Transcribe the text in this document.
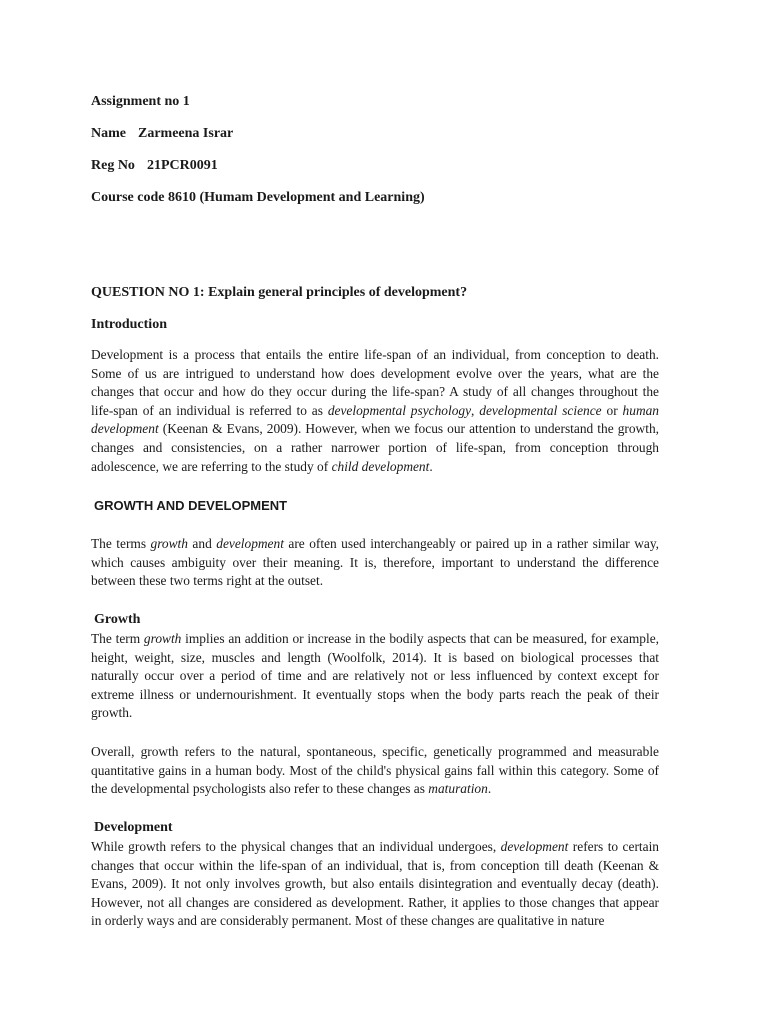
Assignment no 1
Name Zarmeena Israr
Reg No 21PCR0091
Course code 8610 (Humam Development and Learning)
QUESTION NO 1: Explain general principles of development?
Introduction
Development is a process that entails the entire life-span of an individual, from conception to death. Some of us are intrigued to understand how does development evolve over the years, what are the changes that occur and how do they occur during the life-span? A study of all changes throughout the life-span of an individual is referred to as developmental psychology, developmental science or human development (Keenan & Evans, 2009). However, when we focus our attention to understand the growth, changes and consistencies, on a rather narrower portion of life-span, from conception through adolescence, we are referring to the study of child development.
GROWTH AND DEVELOPMENT
The terms growth and development are often used interchangeably or paired up in a rather similar way, which causes ambiguity over their meaning. It is, therefore, important to understand the difference between these two terms right at the outset.
Growth
The term growth implies an addition or increase in the bodily aspects that can be measured, for example, height, weight, size, muscles and length (Woolfolk, 2014). It is based on biological processes that naturally occur over a period of time and are relatively not or less influenced by context except for extreme illness or undernourishment. It eventually stops when the body parts reach the peak of their growth.
Overall, growth refers to the natural, spontaneous, specific, genetically programmed and measurable quantitative gains in a human body. Most of the child's physical gains fall within this category. Some of the developmental psychologists also refer to these changes as maturation.
Development
While growth refers to the physical changes that an individual undergoes, development refers to certain changes that occur within the life-span of an individual, that is, from conception till death (Keenan & Evans, 2009). It not only involves growth, but also entails disintegration and eventually decay (death). However, not all changes are considered as development. Rather, it applies to those changes that appear in orderly ways and are considerably permanent. Most of these changes are qualitative in nature
